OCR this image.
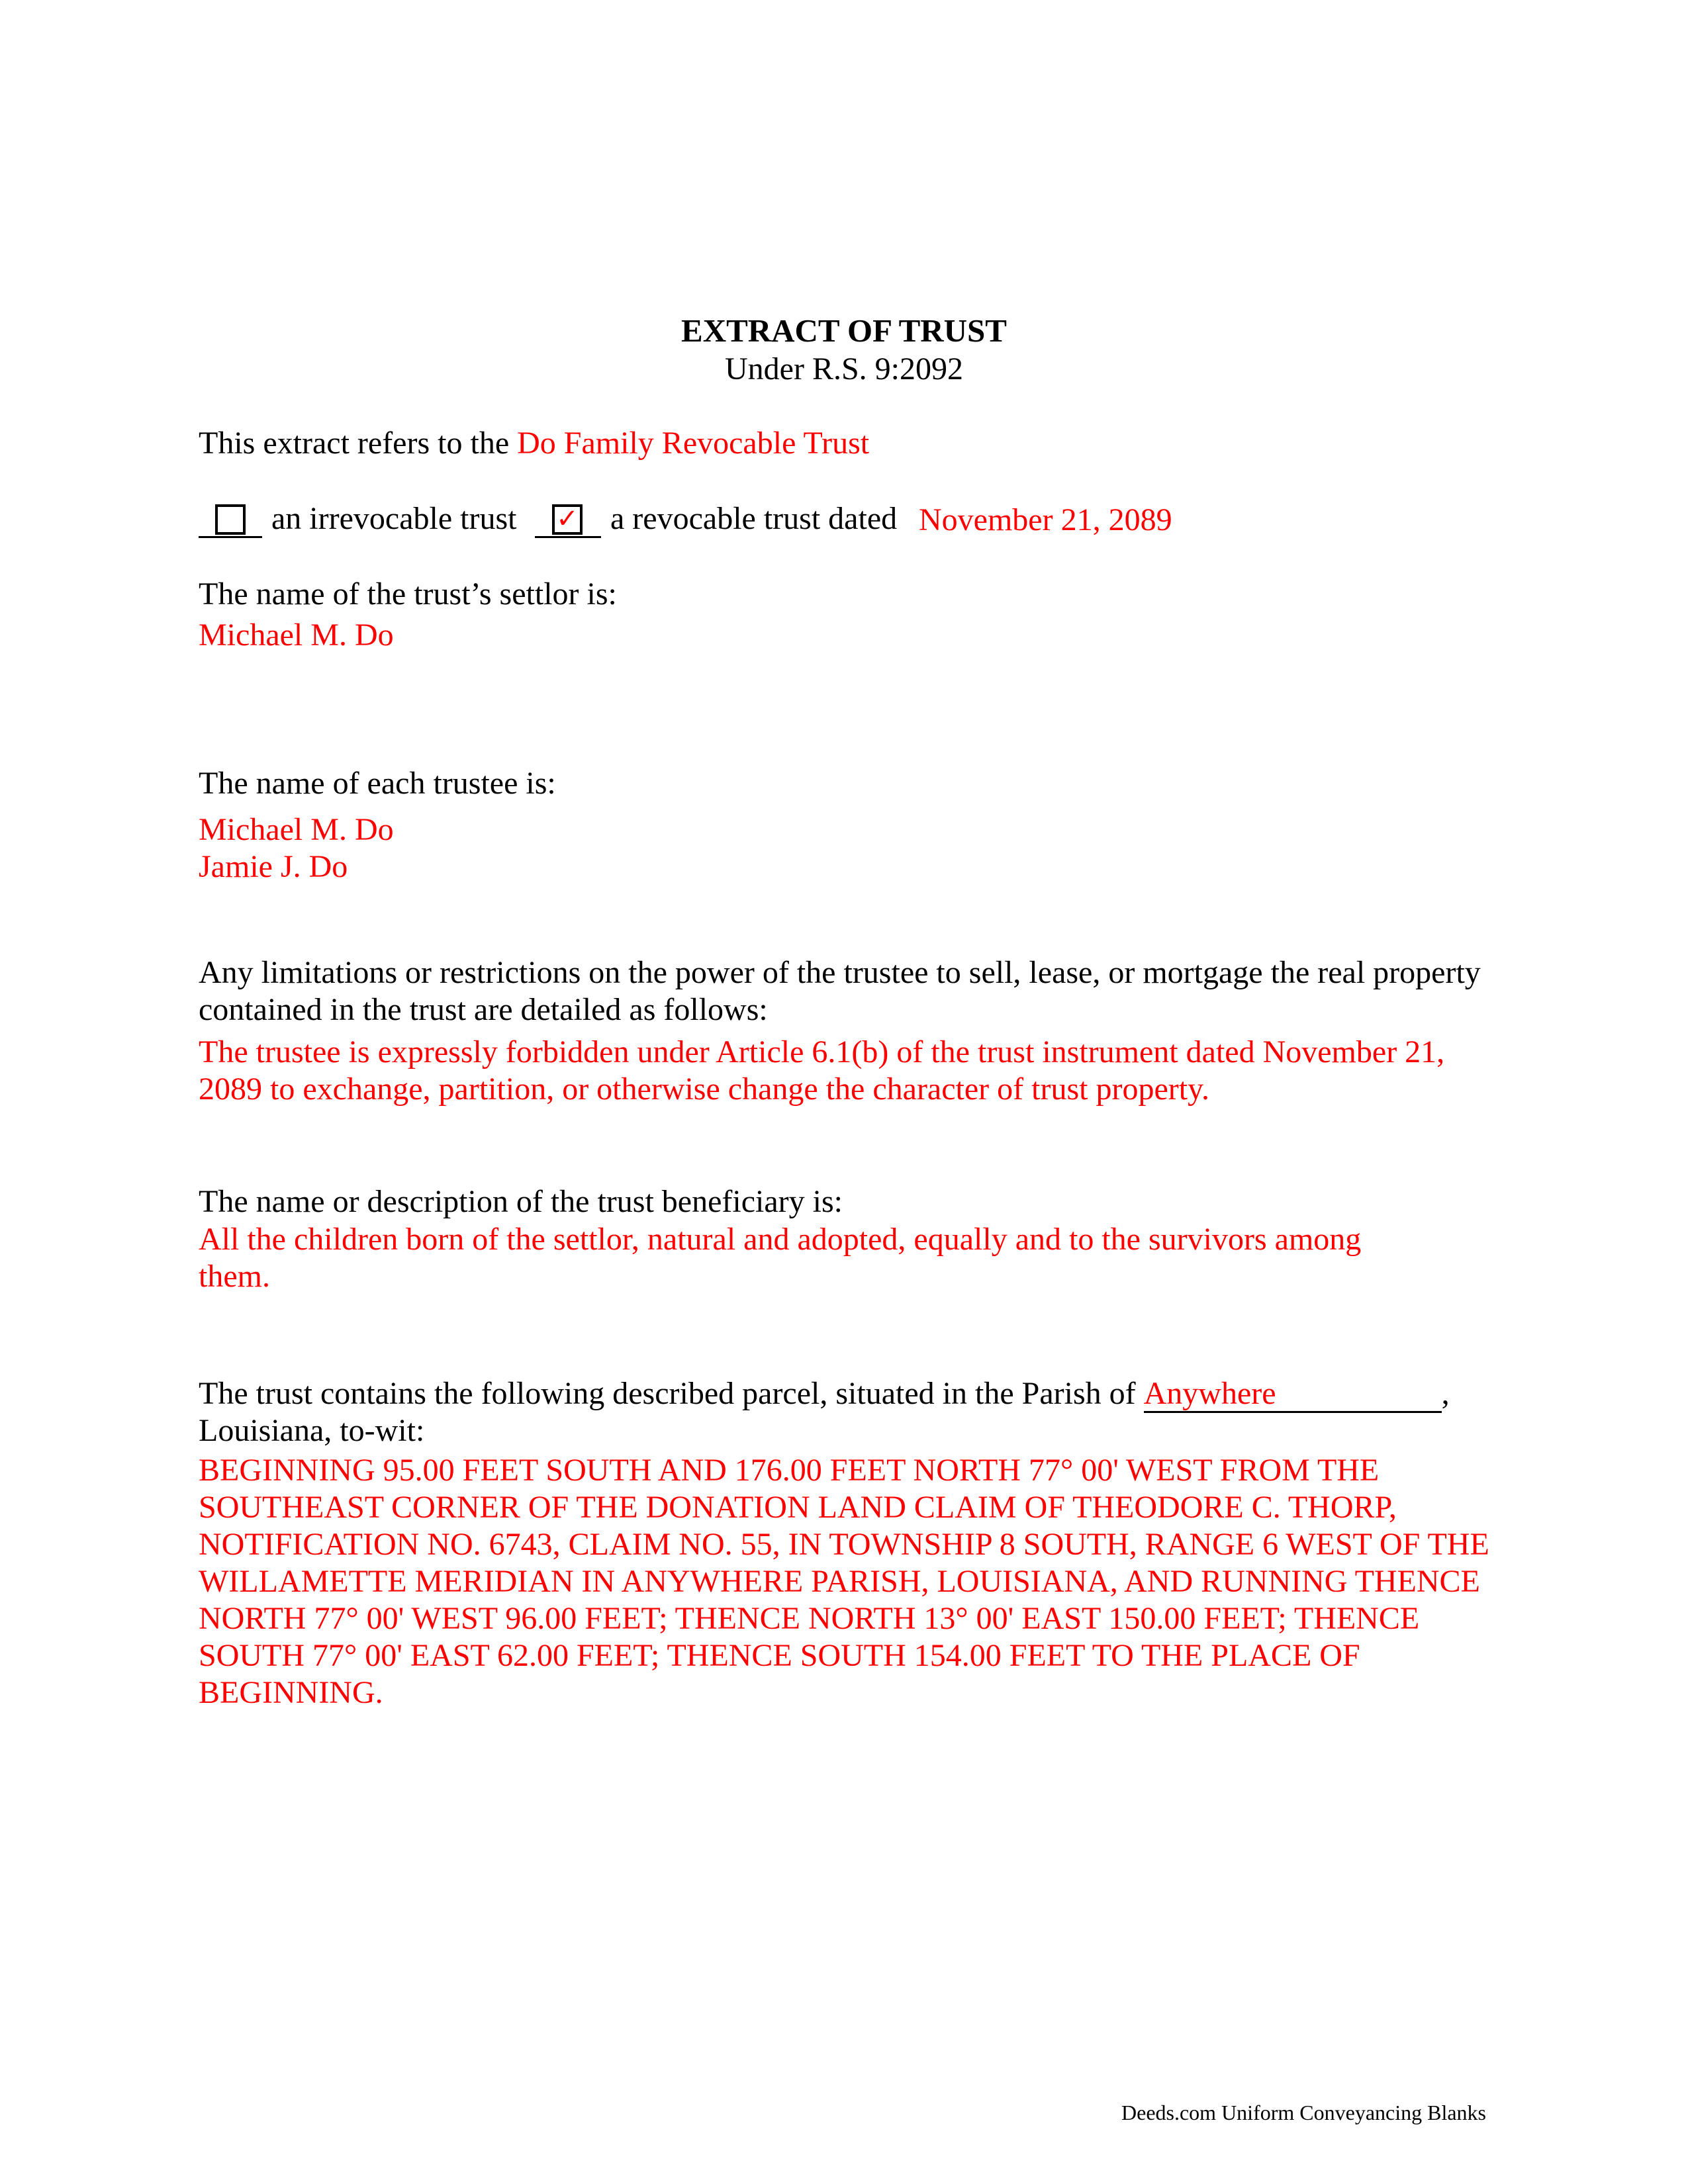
EXTRACT OF TRUST
Under R.S. 9:2092
This extract refers to the Do Family Revocable Trust
an irrevocable trust ✓ a revocable trust dated November 21, 2089
The name of the trust’s settlor is:
Michael M. Do
The name of each trustee is:
Michael M. Do
Jamie J. Do
Any limitations or restrictions on the power of the trustee to sell, lease, or mortgage the real property contained in the trust are detailed as follows:
The trustee is expressly forbidden under Article 6.1(b) of the trust instrument dated November 21, 2089 to exchange, partition, or otherwise change the character of trust property.
The name or description of the trust beneficiary is:
All the children born of the settlor, natural and adopted, equally and to the survivors among them.
The trust contains the following described parcel, situated in the Parish of Anywhere	,
Louisiana, to-wit:
BEGINNING 95.00 FEET SOUTH AND 176.00 FEET NORTH 77° 00' WEST FROM THE SOUTHEAST CORNER OF THE DONATION LAND CLAIM OF THEODORE C. THORP, NOTIFICATION NO. 6743, CLAIM NO. 55, IN TOWNSHIP 8 SOUTH, RANGE 6 WEST OF THE WILLAMETTE MERIDIAN IN ANYWHERE PARISH, LOUISIANA, AND RUNNING THENCE NORTH 77° 00' WEST 96.00 FEET; THENCE NORTH 13° 00' EAST 150.00 FEET; THENCE SOUTH 77° 00' EAST 62.00 FEET; THENCE SOUTH 154.00 FEET TO THE PLACE OF BEGINNING.
Deeds.com Uniform Conveyancing Blanks
